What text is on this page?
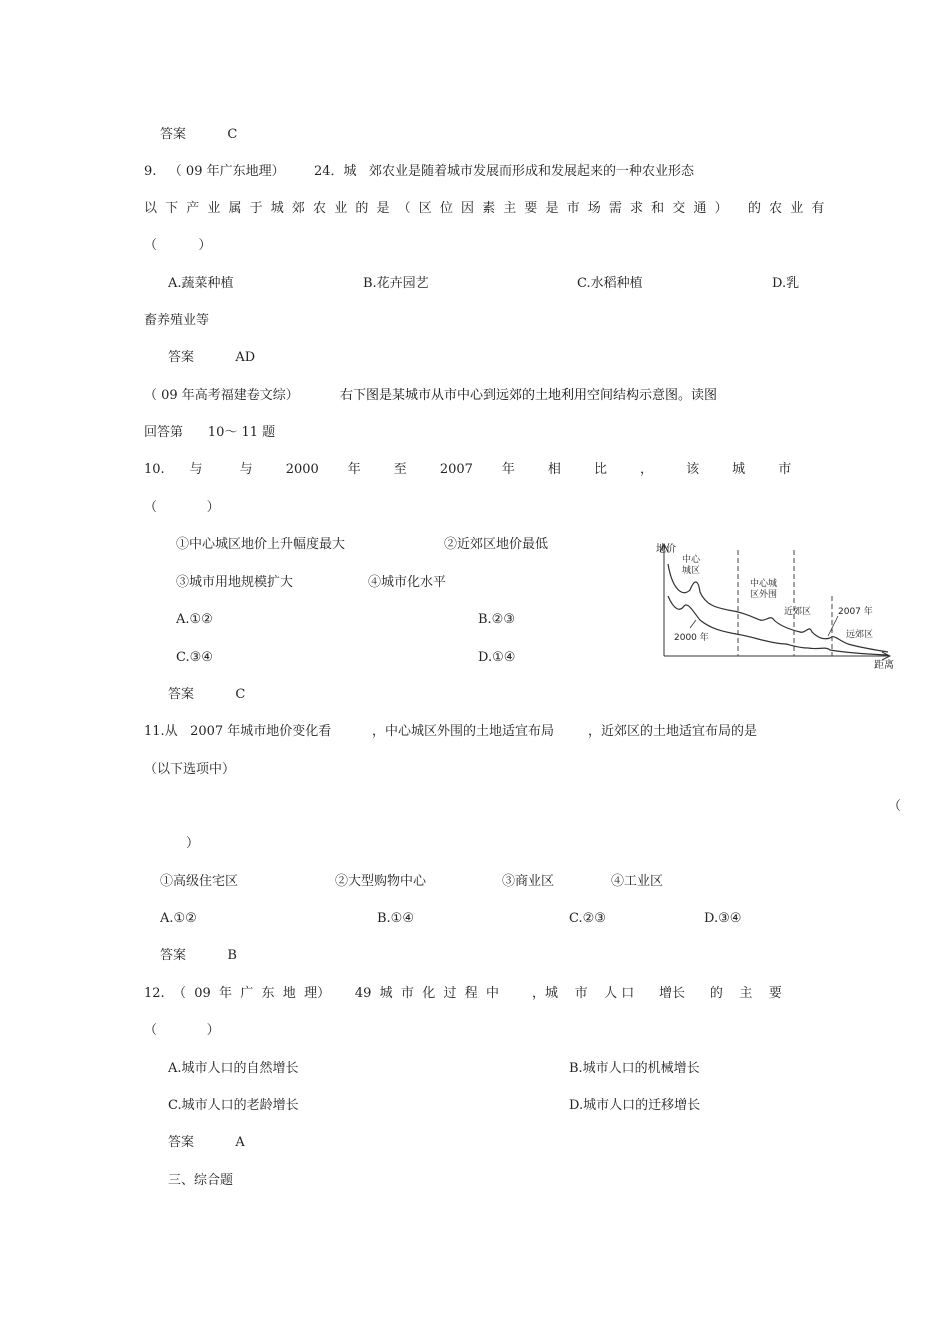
答案          C
9.   （ 09 年广东地理） 24．城   郊农业是随着城市发展而形成和发展起来的一种农业形态
以 下 产 业 属 于 城 郊 农 业 的 是 （ 区 位 因 素 主 要 是 市 场 需 求 和 交 通 ）   的 农 业 有
（          ）
A.蔬菜种植	B.花卉园艺	C.水稻种植	D.乳
畜养殖业等
答案          AD
（ 09 年高考福建卷文综）	右下图是某城市从市中心到远郊的土地利用空间结构示意图。读图
回答第      10～ 11 题
10.      与         与        2000       年        至        2007       年        相        比        ，        该        城        市
（            ）
①中心城区地价上升幅度最大	②近郊区地价最低
③城市用地规模扩大	④城市化水平
A.①②	B.②③
C.③④	D.①④
答案          C
地价
距离
中心
城区
中心城
区外围
近郊区
远郊区
2000 年
2007 年
11.从   2007 年城市地价变化看	，中心城区外围的土地适宜布局	，近郊区的土地适宜布局的是
（以下选项中）
（
）
①高级住宅区	②大型购物中心	③商业区	④工业区
A.①②	B.①④	C.②③	D.③④
答案          B
12.  （  09  年  广  东  地  理）      49  城  市  化  过  程  中        ，城    市    人 口      增长      的    主    要
（            ）
A.城市人口的自然增长	B.城市人口的机械增长
C.城市人口的老龄增长	D.城市人口的迁移增长
答案          A
三、综合题
